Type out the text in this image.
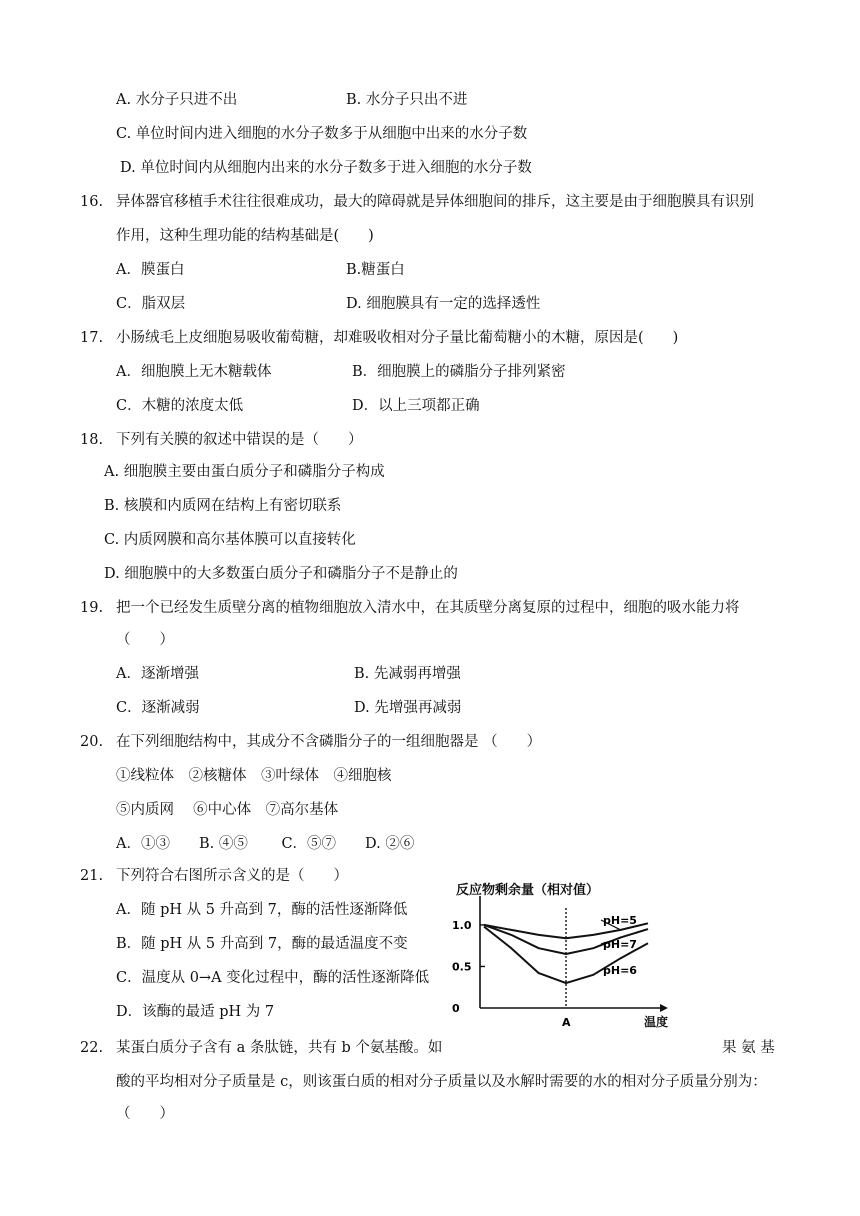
A. 水分子只进不出	B. 水分子只出不进
C. 单位时间内进入细胞的水分子数多于从细胞中出来的水分子数
D. 单位时间内从细胞内出来的水分子数多于进入细胞的水分子数
16. 异体器官移植手术往往很难成功，最大的障碍就是异体细胞间的排斥，这主要是由于细胞膜具有识别
作用，这种生理功能的结构基础是(　　)
A．膜蛋白	B.糖蛋白
C．脂双层	D. 细胞膜具有一定的选择透性
17. 小肠绒毛上皮细胞易吸收葡萄糖，却难吸收相对分子量比葡萄糖小的木糖，原因是(　　)
A．细胞膜上无木糖载体	B．细胞膜上的磷脂分子排列紧密
C．木糖的浓度太低	D．以上三项都正确
18. 下列有关膜的叙述中错误的是（　　）
A. 细胞膜主要由蛋白质分子和磷脂分子构成
B. 核膜和内质网在结构上有密切联系
C. 内质网膜和高尔基体膜可以直接转化
D. 细胞膜中的大多数蛋白质分子和磷脂分子不是静止的
19. 把一个已经发生质壁分离的植物细胞放入清水中，在其质壁分离复原的过程中，细胞的吸水能力将
（　　）
A．逐渐增强	B. 先减弱再增强
C．逐渐减弱	D. 先增强再减弱
20. 在下列细胞结构中，其成分不含磷脂分子的一组细胞器是 （　　）
①线粒体　②核糖体　③叶绿体　④细胞核
⑤内质网　 ⑥中心体　⑦高尔基体
A．①③　　B. ④⑤　　 C．⑤⑦　　D. ②⑥
21. 下列符合右图所示含义的是（　　）
A．随 pH 从 5 升高到 7，酶的活性逐渐降低
B．随 pH 从 5 升高到 7，酶的最适温度不变
C．温度从 0→A 变化过程中，酶的活性逐渐降低
D．该酶的最适 pH 为 7
反应物剩余量（相对值）
0
0.5
1.0
A
pH=5
pH=7
pH=6
温度
22. 某蛋白质分子含有 a 条肽链，共有 b 个氨基酸。如	果 氨 基
酸的平均相对分子质量是 c，则该蛋白质的相对分子质量以及水解时需要的水的相对分子质量分别为：
（　　）
